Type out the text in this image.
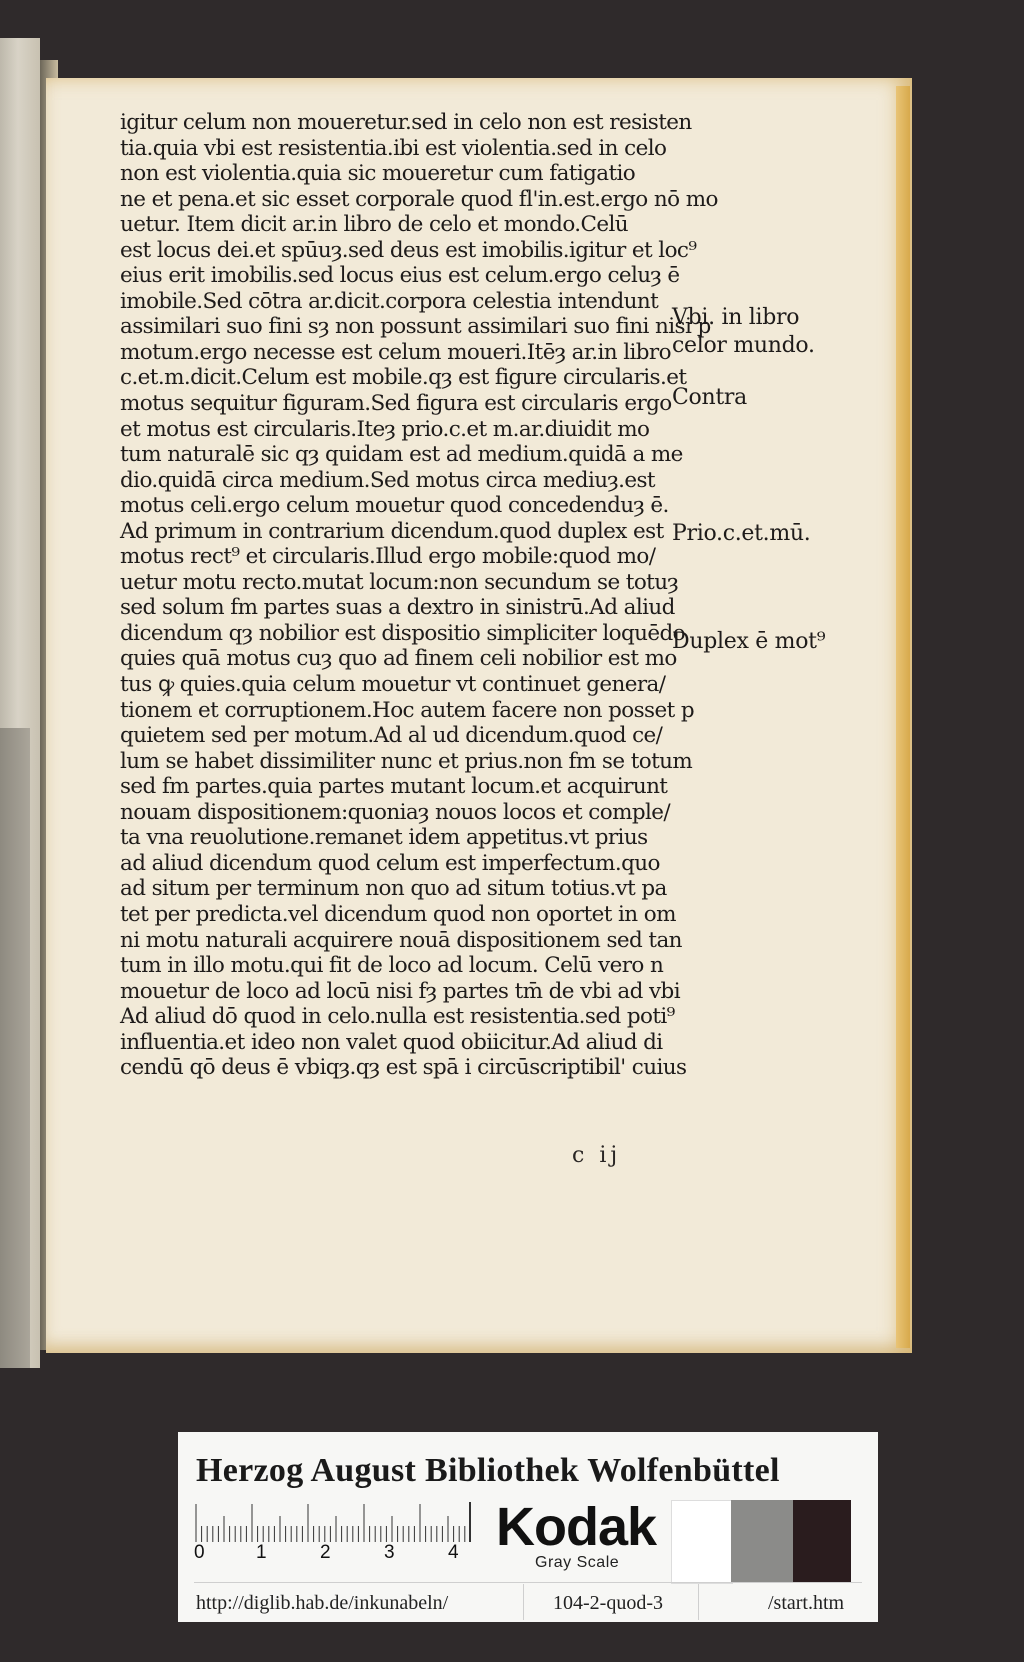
igitur celum non moueretur.sed in celo non est resisten
tia.quia vbi est resistentia.ibi est violentia.sed in celo
non est violentia.quia sic moueretur cum fatigatio
ne et pena.et sic esset corporale quod fl'in.est.ergo nō mo
uetur. Item dicit ar.in libro de celo et mondo.Celū
est locus dei.et spūuȝ.sed deus est imobilis.igitur et loc⁹
eius erit imobilis.sed locus eius est celum.ergo celuȝ ē
imobile.Sed cōtra ar.dicit.corpora celestia intendunt
assimilari suo fini sȝ non possunt assimilari suo fini nisi p
motum.ergo necesse est celum moueri.Itēȝ ar.in libro
c.et.m.dicit.Celum est mobile.qȝ est figure circularis.et
motus sequitur figuram.Sed figura est circularis ergo
et motus est circularis.Iteȝ prio.c.et m.ar.diuidit mo
tum naturalē sic qȝ quidam est ad medium.quidā a me
dio.quidā circa medium.Sed motus circa mediuȝ.est
motus celi.ergo celum mouetur quod concedenduȝ ē.
Ad primum in contrarium dicendum.quod duplex est
motus rect⁹ et circularis.Illud ergo mobile:quod mo/
uetur motu recto.mutat locum:non secundum se totuȝ
sed solum fm partes suas a dextro in sinistrū.Ad aliud
dicendum qȝ nobilior est dispositio simpliciter loquēdo
quies quā motus cuȝ quo ad finem celi nobilior est mo
tus ꝙ quies.quia celum mouetur vt continuet genera/
tionem et corruptionem.Hoc autem facere non posset p
quietem sed per motum.Ad al ud dicendum.quod ce/
lum se habet dissimiliter nunc et prius.non fm se totum
sed fm partes.quia partes mutant locum.et acquirunt
nouam dispositionem:quoniaȝ nouos locos et comple/
ta vna reuolutione.remanet idem appetitus.vt prius
ad aliud dicendum quod celum est imperfectum.quo
ad situm per terminum non quo ad situm totius.vt pa
tet per predicta.vel dicendum quod non oportet in om
ni motu naturali acquirere nouā dispositionem sed tan
tum in illo motu.qui fit de loco ad locum. Celū vero n
mouetur de loco ad locū nisi fȝ partes tm̄ de vbi ad vbi
Ad aliud dō quod in celo.nulla est resistentia.sed poti⁹
influentia.et ideo non valet quod obiicitur.Ad aliud di
cendū qō deus ē vbiqȝ.qȝ est spā i circūscriptibil' cuius
c ij
Vbi. in libro
celor mundo.
Contra
Prio.c.et.mū.
Duplex ē mot⁹
Herzog August Bibliothek Wolfenbüttel
0	1	2	3	4 Kodak
Gray Scale
http://diglib.hab.de/inkunabeln/	104-2-quod-3	/start.htm
